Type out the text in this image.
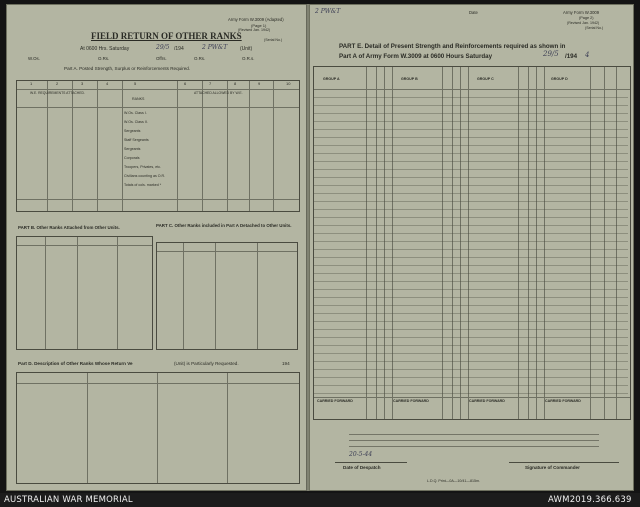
Army Form W.3009 (Adapted)
(Page 1)
(Revised Jan. 1942)
(Serial No.)
FIELD RETURN OF OTHER RANKS
At 0600 Hrs. Saturday	29/5 /194	2 PW&T	(Unit)
W.Os.	O.Rs.	Offrs.	O.Rs.	O.R.s.
Part A. Posted Strength, Surplus or Reinforcements Required.
1	2	3	4	5	6	7	8	9	10
W.E. REQUIREMENTS ATTACHED.	ATTACHED ALLOWED BY W.E.
RANKS
W.Os. Class I.
W.Os. Class II.
Sergeants
Staff Sergeants
Sergeants
Corporals
Troopers, Privates, etc.
Civilians counting as O.R.
Totals of cols. marked *
PART B. Other Ranks Attached from Other Units.	PART C. Other Ranks included in Part A Detached to Other Units.
Part D. Description of Other Ranks Whose Return Ve	(Unit) is Particularly Requested.	194
2 PW&T	Date	Army Form W.3009
(Page 2)
(Revised Jan. 1942)
(Serial No.)
PART E. Detail of Present Strength and Reinforcements required as shown in
Part A of Army Form W.3009 at 0600 Hours Saturday	29/5 /194 4
GROUP A	GROUP B	GROUP C	GROUP D
CARRIED FORWARD	CARRIED FORWARD	CARRIED FORWARD	CARRIED FORWARD
20-5-44
Date of Despatch	Signature of Commander
L.D.Q. Print—0A—10/41—815m.
AUSTRALIAN WAR MEMORIAL	AWM2019.366.639
